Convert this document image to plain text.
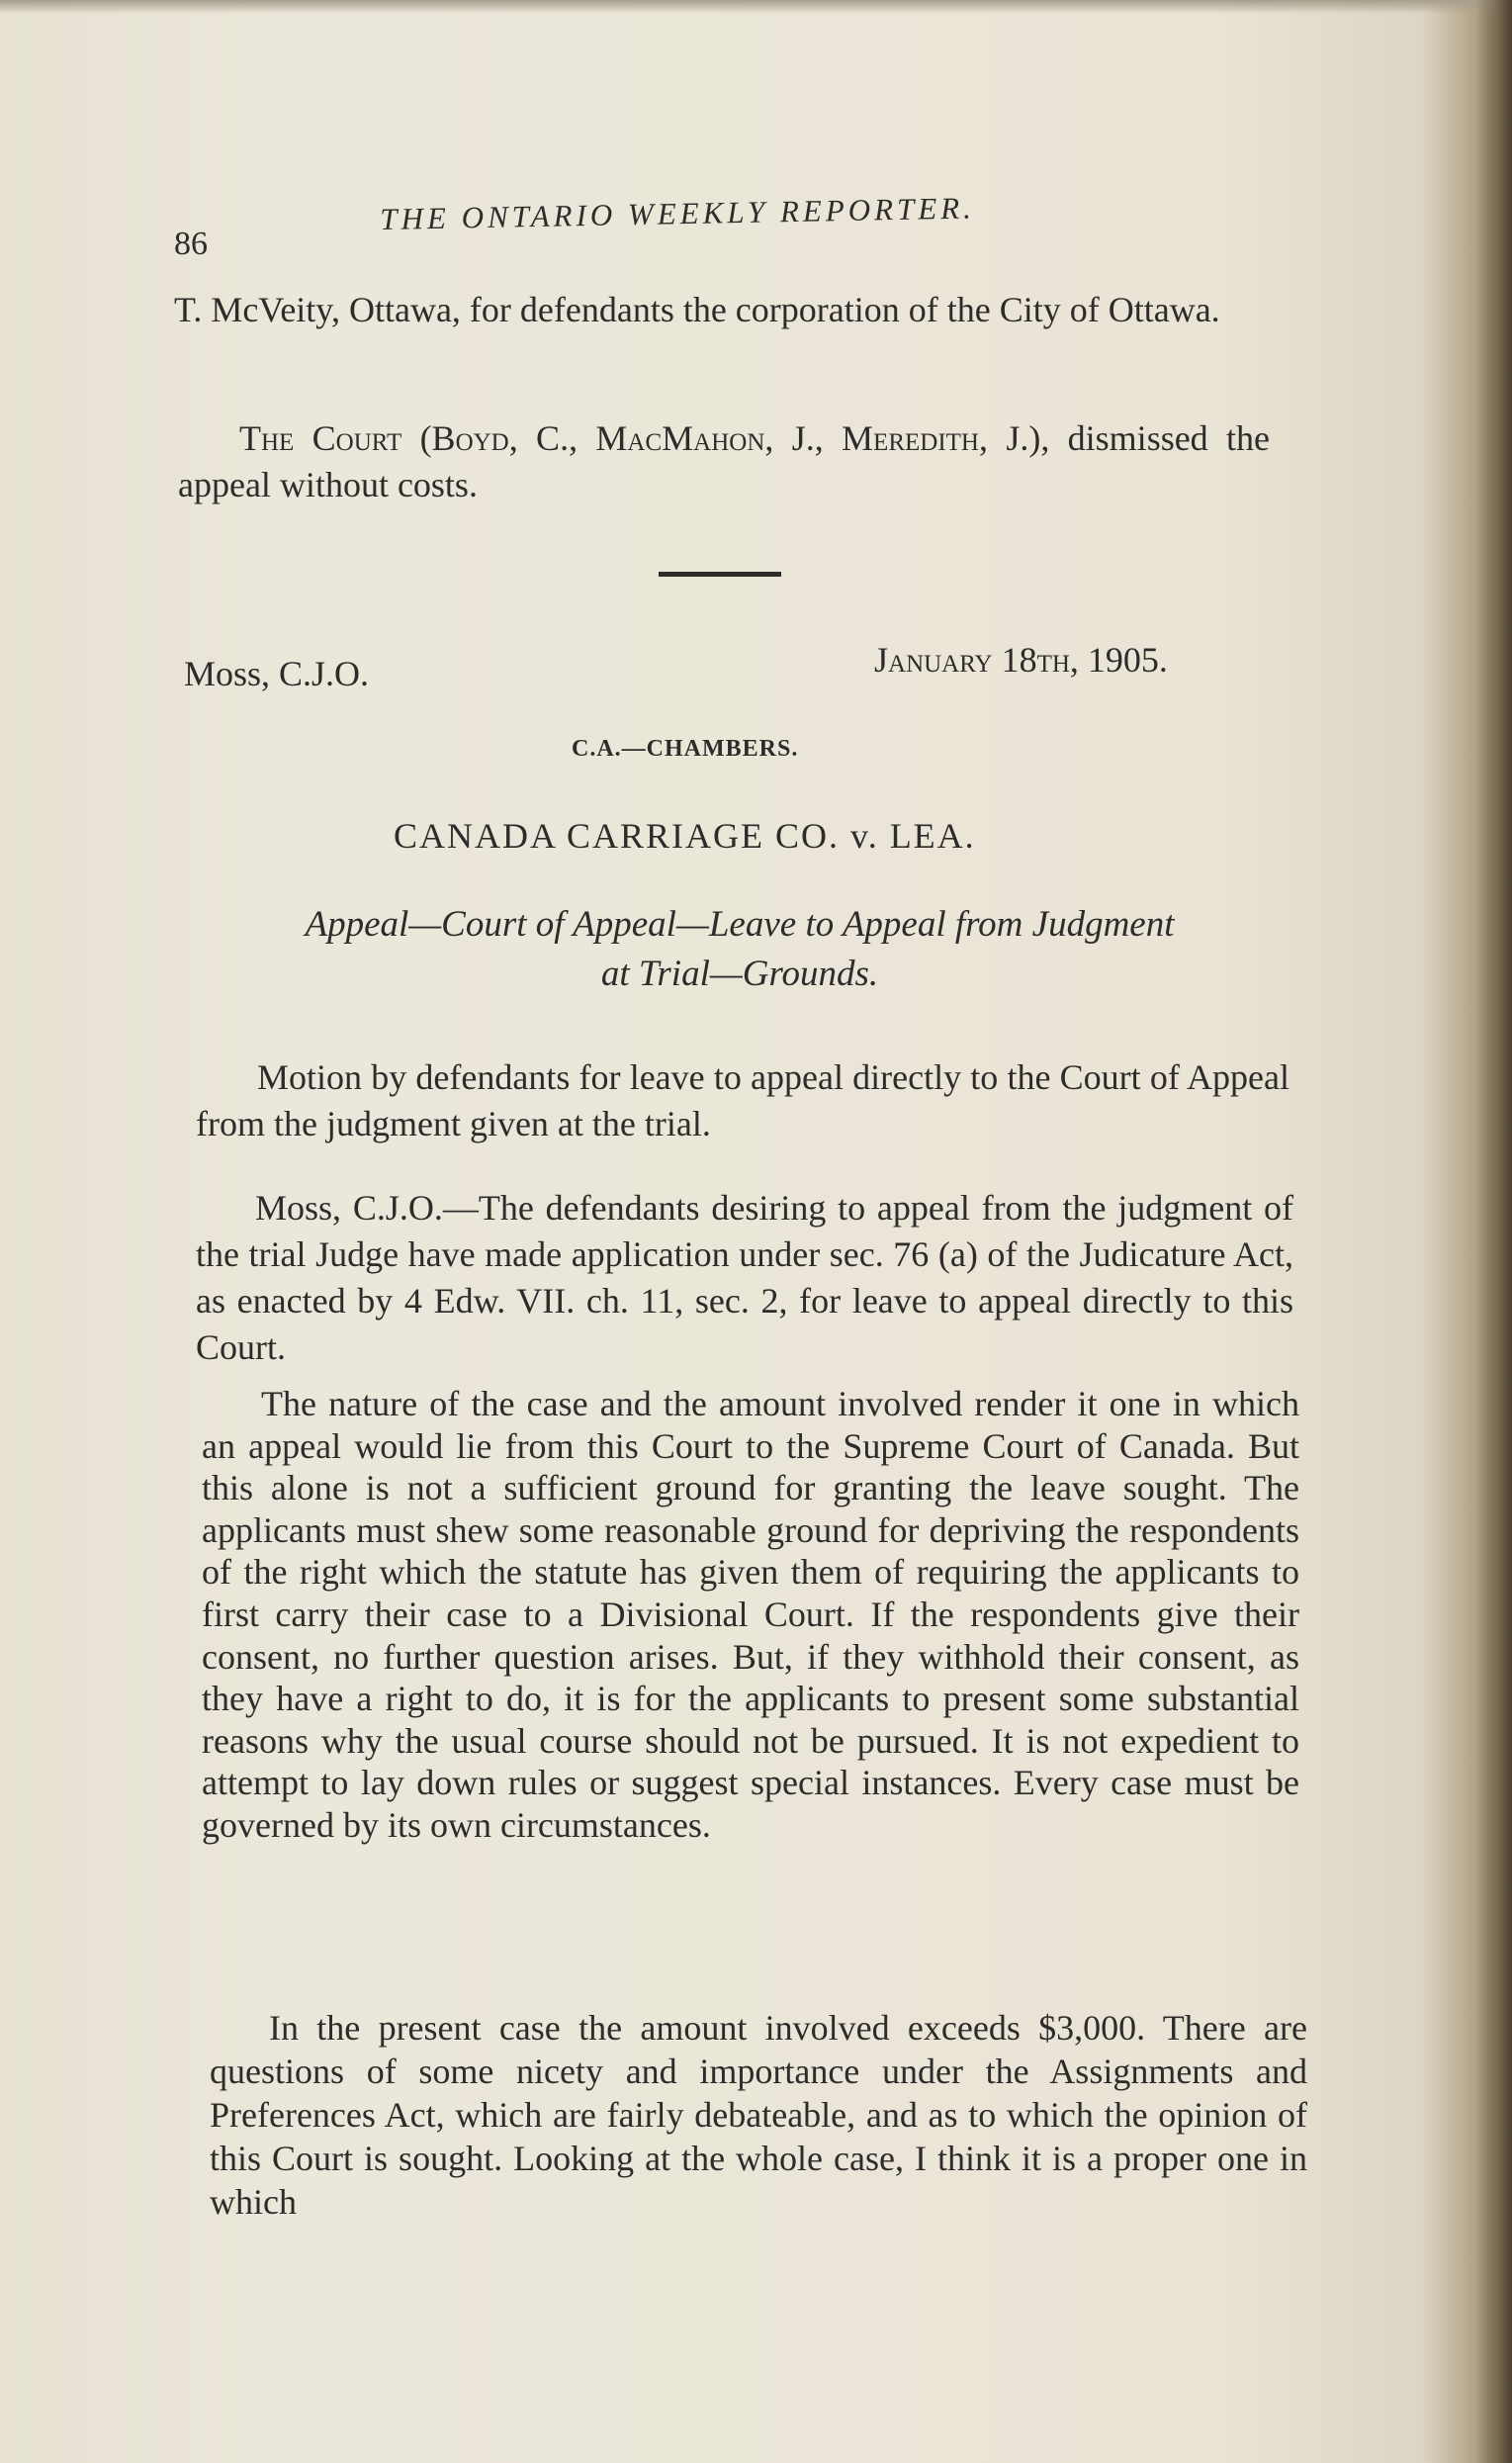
86

THE ONTARIO WEEKLY REPORTER.

T. McVeity, Ottawa, for defendants the corporation of the City of Ottawa.

The Court (Boyd, C., MacMahon, J., Meredith, J.), dismissed the appeal without costs.

Moss, C.J.O.	January 18th, 1905.

C.A.—CHAMBERS.

CANADA CARRIAGE CO. v. LEA.

Appeal—Court of Appeal—Leave to Appeal from Judgment
at Trial—Grounds.

Motion by defendants for leave to appeal directly to the Court of Appeal from the judgment given at the trial.

Moss, C.J.O.—The defendants desiring to appeal from the judgment of the trial Judge have made application under sec. 76 (a) of the Judicature Act, as enacted by 4 Edw. VII. ch. 11, sec. 2, for leave to appeal directly to this Court.

The nature of the case and the amount involved render it one in which an appeal would lie from this Court to the Supreme Court of Canada. But this alone is not a sufficient ground for granting the leave sought. The applicants must shew some reasonable ground for depriving the respondents of the right which the statute has given them of requiring the applicants to first carry their case to a Divisional Court. If the respondents give their consent, no further question arises. But, if they withhold their consent, as they have a right to do, it is for the applicants to present some substantial reasons why the usual course should not be pursued. It is not expedient to attempt to lay down rules or suggest special instances. Every case must be governed by its own circumstances.

In the present case the amount involved exceeds $3,000. There are questions of some nicety and importance under the Assignments and Preferences Act, which are fairly debateable, and as to which the opinion of this Court is sought. Looking at the whole case, I think it is a proper one in which
